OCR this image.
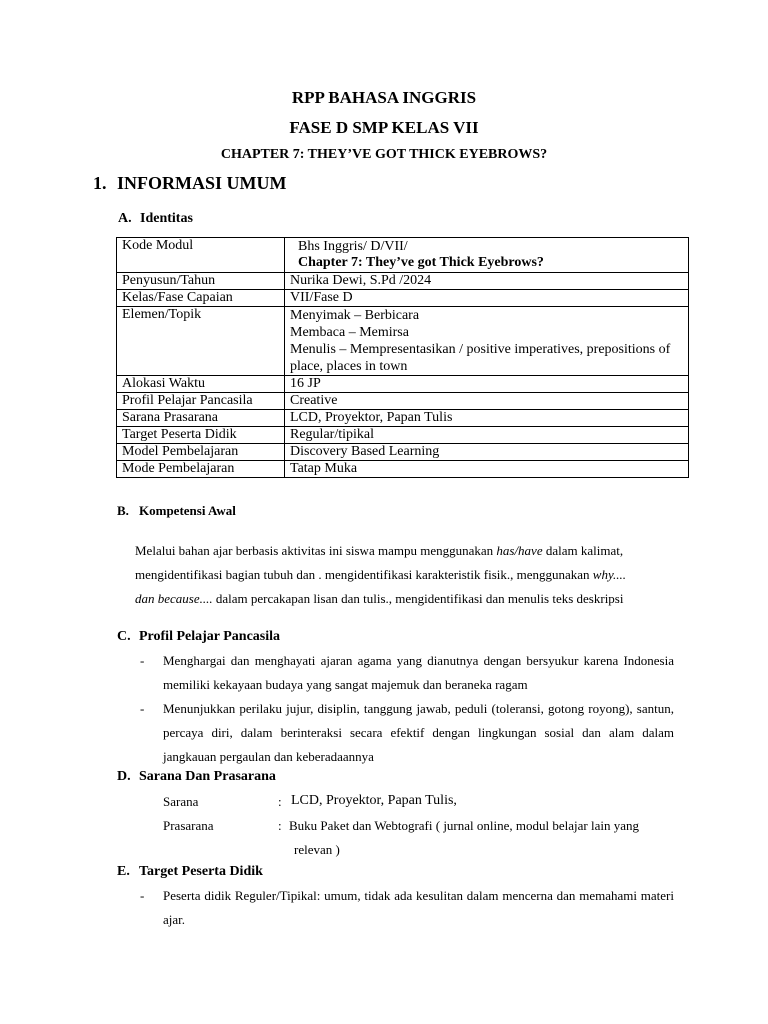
RPP BAHASA INGGRIS
FASE D SMP KELAS VII
CHAPTER 7: THEY’VE GOT THICK EYEBROWS?
1. INFORMASI UMUM
A. Identitas
Kode Modul	Bhs Inggris/ D/VII/
Chapter 7: They’ve got Thick Eyebrows?

Penyusun/Tahun	Nurika Dewi, S.Pd /2024
Kelas/Fase Capaian	VII/Fase D
Elemen/Topik	Menyimak – Berbicara
Membaca – Memirsa
Menulis – Mempresentasikan / positive imperatives, prepositions of place, places in town

Alokasi Waktu	16 JP
Profil Pelajar Pancasila	Creative
Sarana Prasarana	LCD, Proyektor, Papan Tulis
Target Peserta Didik	Regular/tipikal
Model Pembelajaran	Discovery Based Learning
Mode Pembelajaran	Tatap Muka
B. Kompetensi Awal
Melalui bahan ajar berbasis aktivitas ini siswa mampu menggunakan has/have dalam kalimat,
mengidentifikasi bagian tubuh dan . mengidentifikasi karakteristik fisik., menggunakan why....
dan because.... dalam percakapan lisan dan tulis., mengidentifikasi dan menulis teks deskripsi
C. Profil Pelajar Pancasila
- Menghargai dan menghayati ajaran agama yang dianutnya dengan bersyukur karena Indonesia memiliki kekayaan budaya yang sangat majemuk dan beraneka ragam
- Menunjukkan perilaku jujur, disiplin, tanggung jawab, peduli (toleransi, gotong royong), santun, percaya diri, dalam berinteraksi secara efektif dengan lingkungan sosial dan alam dalam jangkauan pergaulan dan keberadaannya
D. Sarana Dan Prasarana
Sarana	: LCD, Proyektor, Papan Tulis,
Prasarana	: Buku Paket dan Webtografi ( jurnal online, modul belajar lain yang
relevan )
E. Target Peserta Didik
- Peserta didik Reguler/Tipikal: umum, tidak ada kesulitan dalam mencerna dan memahami materi ajar.
